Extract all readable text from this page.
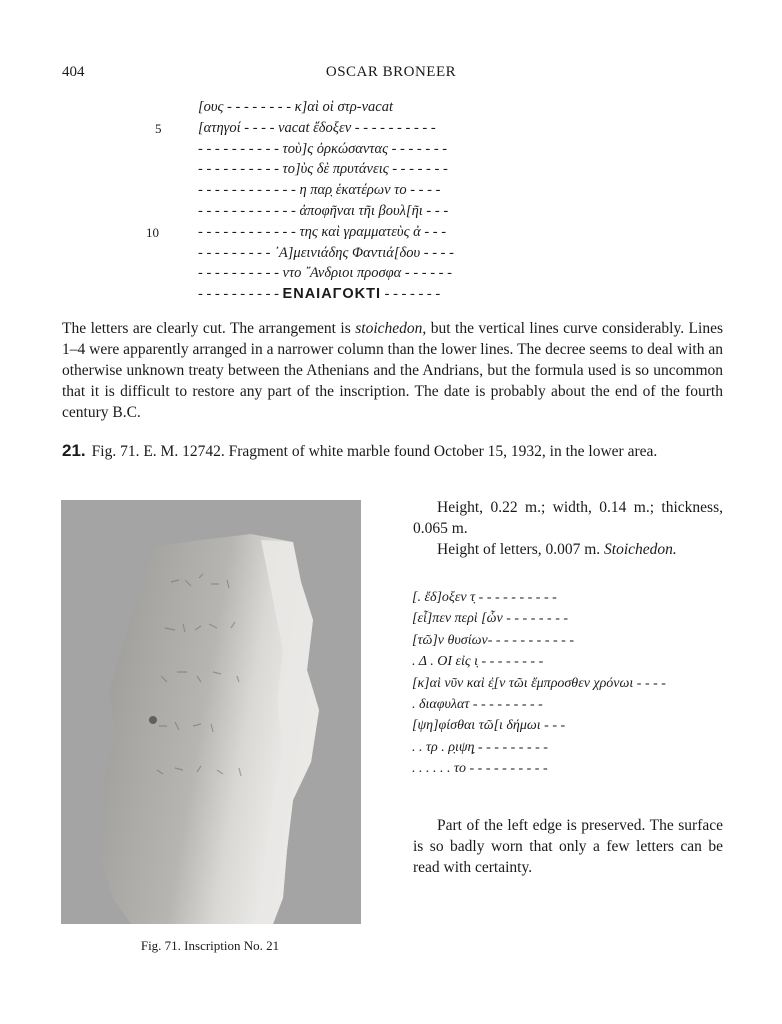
404	OSCAR BRONEER
[ους - - - - - - - - κ]αὶ οἱ στρ-vacat
5	[ατηγοί - - - - vacat ἔδοξεν - - - - - - - - - -
- - - - - - - - - - τοὺ]ς ὀρκώσαντας - - - - - - -
- - - - - - - - - - το]ὺς δὲ πρυτάνεις - - - - - - -
- - - - - - - - - - - - η παρ̣ ἑκατέρων το - - - -
- - - - - - - - - - - - ἀποφῆναι τῆι βουλ[ῆι - - -
10	- - - - - - - - - - - - της καὶ γραμματεὺς ἀ - - -
- - - - - - - - - ᾿Α]μεινιάδης Φαντιά[δου - - - -
- - - - - - - - - - ντο ῎Ανδριοι προσφα - - - - - -
- - - - - - - - - - ΕΝΑΙΑΓΟΚΤΙ - - - - - - -
The letters are clearly cut. The arrangement is stoichedon, but the vertical lines curve considerably. Lines 1–4 were apparently arranged in a narrower column than the lower lines. The decree seems to deal with an otherwise unknown treaty between the Athenians and the Andrians, but the formula used is so uncommon that it is difficult to restore any part of the inscription. The date is probably about the end of the fourth century B.C.
21. Fig. 71. E. M. 12742. Fragment of white marble found October 15, 1932, in the lower area.
Fig. 71. Inscription No. 21

Height, 0.22 m.; width, 0.14 m.; thickness, 0.065 m.

Height of letters, 0.007 m. Stoichedon.

[. ἔδ]οξεν τ̣ - - - - - - - - - -
[εἶ]πεν περὶ [ὧν - - - - - - - -
[τῶ]ν θυσίων- - - - - - - - - - -
. Δ . ΟΙ εἰς ι̣ - - - - - - - -
[κ]αὶ νῦν καὶ ἐ̣[ν τῶι ἔμπροσθεν χρόνωι - - - -
. διαφυλατ - - - - - - - - -
[ψη]φίσθαι τῶ[ι δήμωι - - -
. . τρ . ρ̣ιψη̣ - - - - - - - - -
. . . . . . το - - - - - - - - - -
Part of the left edge is preserved. The surface is so badly worn that only a few letters can be read with certainty.
